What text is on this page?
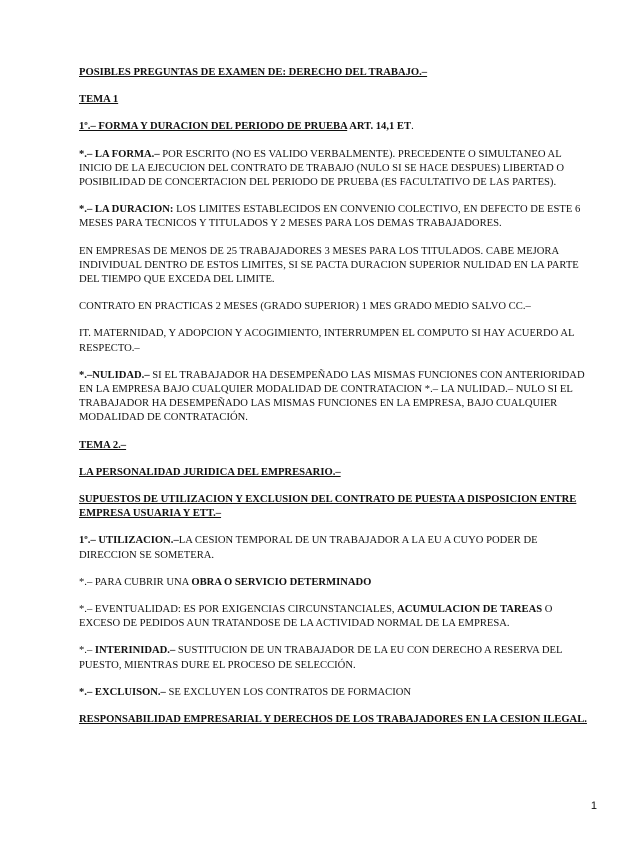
POSIBLES PREGUNTAS DE EXAMEN DE: DERECHO DEL TRABAJO.–

TEMA 1

1º.– FORMA Y DURACION DEL PERIODO DE PRUEBA ART. 14,1 ET.

*.– LA FORMA.– POR ESCRITO (NO ES VALIDO VERBALMENTE). PRECEDENTE O SIMULTANEO AL INICIO DE LA EJECUCION DEL CONTRATO DE TRABAJO (NULO SI SE HACE DESPUES) LIBERTAD O POSIBILIDAD DE CONCERTACION DEL PERIODO DE PRUEBA (ES FACULTATIVO DE LAS PARTES).

*.– LA DURACION: LOS LIMITES ESTABLECIDOS EN CONVENIO COLECTIVO, EN DEFECTO DE ESTE 6 MESES PARA TECNICOS Y TITULADOS Y 2 MESES PARA LOS DEMAS TRABAJADORES.

EN EMPRESAS DE MENOS DE 25 TRABAJADORES 3 MESES PARA LOS TITULADOS. CABE MEJORA INDIVIDUAL DENTRO DE ESTOS LIMITES, SI SE PACTA DURACION SUPERIOR NULIDAD EN LA PARTE DEL TIEMPO QUE EXCEDA DEL LIMITE.

CONTRATO EN PRACTICAS 2 MESES (GRADO SUPERIOR) 1 MES GRADO MEDIO SALVO CC.–

IT. MATERNIDAD, Y ADOPCION Y ACOGIMIENTO, INTERRUMPEN EL COMPUTO SI HAY ACUERDO AL RESPECTO.–

*.–NULIDAD.– SI EL TRABAJADOR HA DESEMPEÑADO LAS MISMAS FUNCIONES CON ANTERIORIDAD EN LA EMPRESA BAJO CUALQUIER MODALIDAD DE CONTRATACION *.– LA NULIDAD.– NULO SI EL TRABAJADOR HA DESEMPEÑADO LAS MISMAS FUNCIONES EN LA EMPRESA, BAJO CUALQUIER MODALIDAD DE CONTRATACIÓN.

TEMA 2.–

LA PERSONALIDAD JURIDICA DEL EMPRESARIO.–

SUPUESTOS DE UTILIZACION Y EXCLUSION DEL CONTRATO DE PUESTA A DISPOSICION ENTRE EMPRESA USUARIA Y ETT.–

1º.– UTILIZACION.–LA CESION TEMPORAL DE UN TRABAJADOR A LA EU A CUYO PODER DE DIRECCION SE SOMETERA.

*.– PARA CUBRIR UNA OBRA O SERVICIO DETERMINADO

*.– EVENTUALIDAD: ES POR EXIGENCIAS CIRCUNSTANCIALES, ACUMULACION DE TAREAS O EXCESO DE PEDIDOS AUN TRATANDOSE DE LA ACTIVIDAD NORMAL DE LA EMPRESA.

*.– INTERINIDAD.– SUSTITUCION DE UN TRABAJADOR DE LA EU CON DERECHO A RESERVA DEL PUESTO, MIENTRAS DURE EL PROCESO DE SELECCIÓN.

*.– EXCLUISON.– SE EXCLUYEN LOS CONTRATOS DE FORMACION

RESPONSABILIDAD EMPRESARIAL Y DERECHOS DE LOS TRABAJADORES EN LA CESION ILEGAL.

1
